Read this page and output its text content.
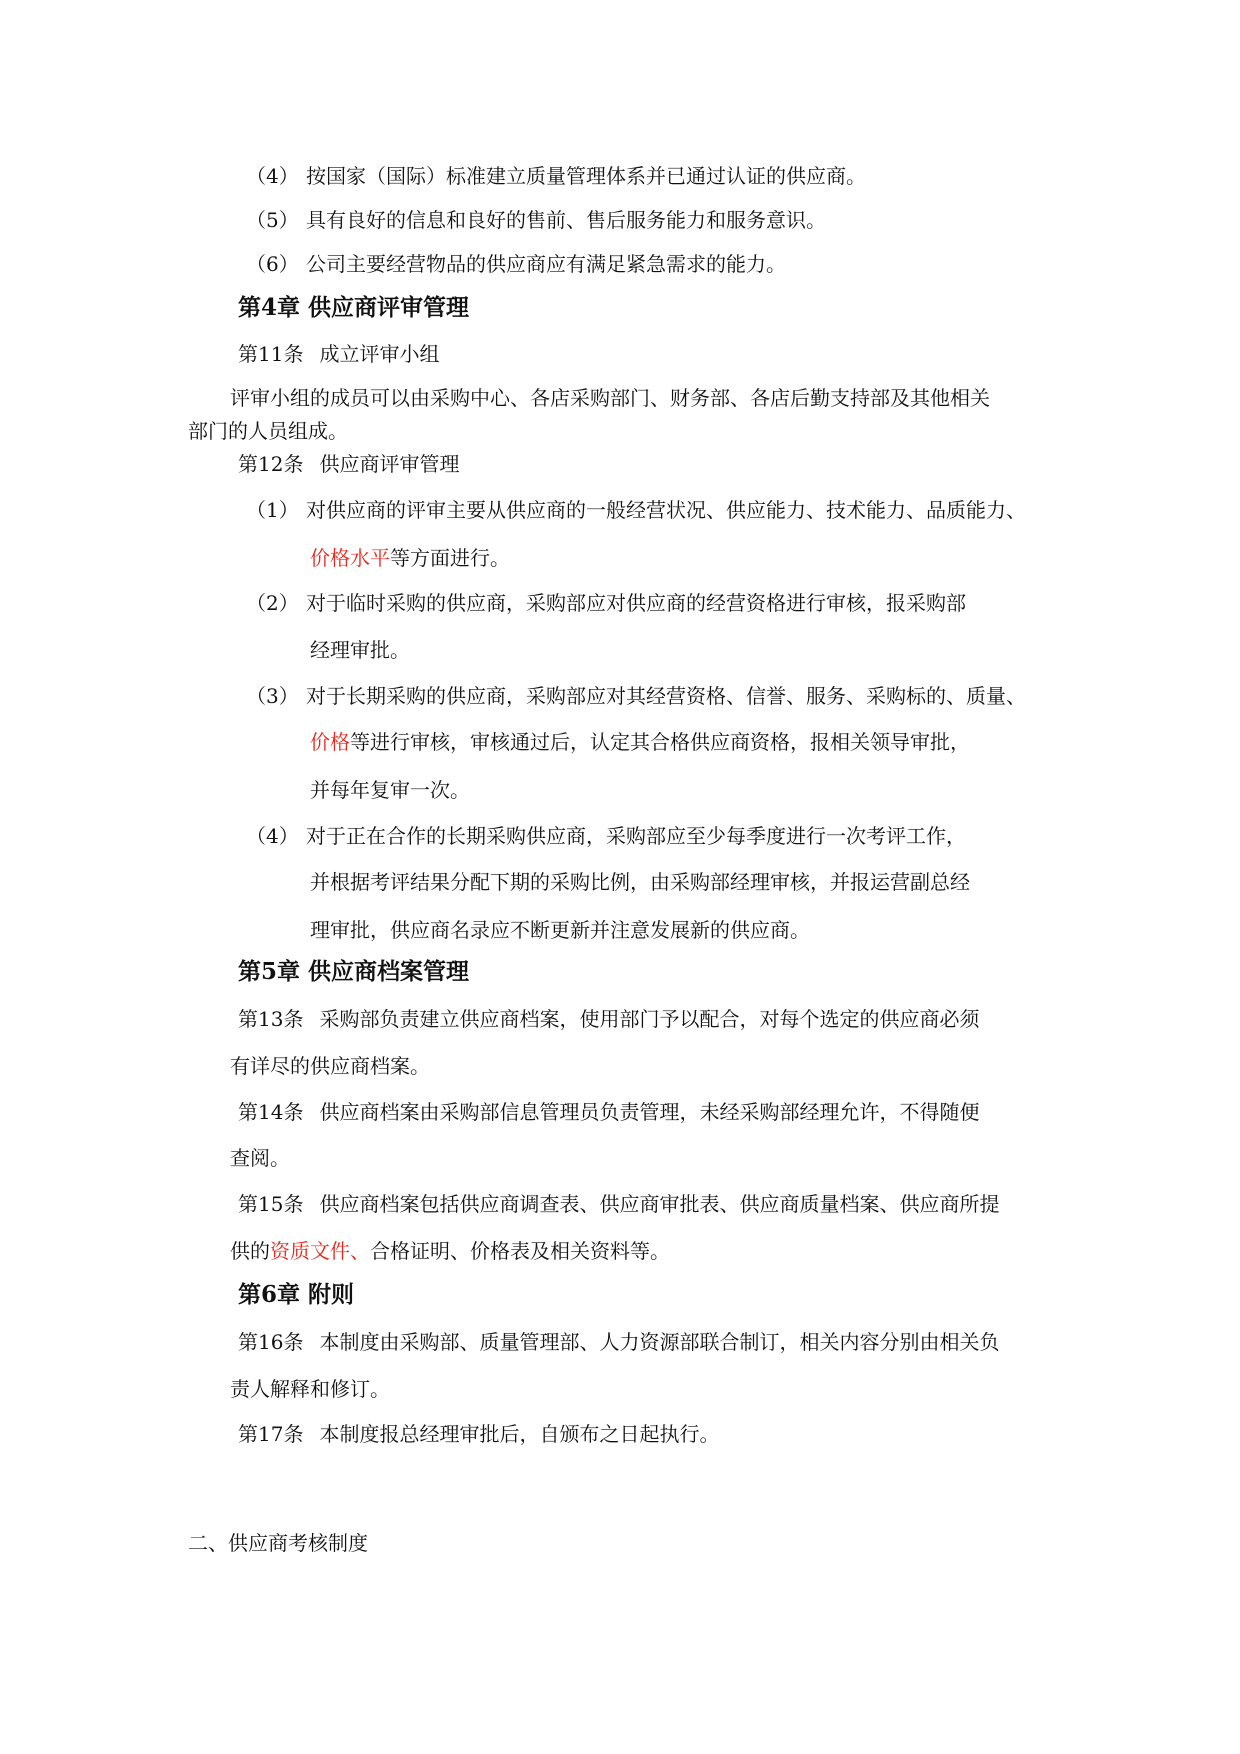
（4） 按国家（国际）标准建立质量管理体系并已通过认证的供应商。
（5） 具有良好的信息和良好的售前、售后服务能力和服务意识。
（6） 公司主要经营物品的供应商应有满足紧急需求的能力。
第4章 供应商评审管理
第11条 成立评审小组
评审小组的成员可以由采购中心、各店采购部门、财务部、各店后勤支持部及其他相关
部门的人员组成。
第12条 供应商评审管理
（1） 对供应商的评审主要从供应商的一般经营状况、供应能力、技术能力、品质能力、
价格水平等方面进行。
（2） 对于临时采购的供应商，采购部应对供应商的经营资格进行审核，报采购部
经理审批。
（3） 对于长期采购的供应商，采购部应对其经营资格、信誉、服务、采购标的、质量、
价格等进行审核，审核通过后，认定其合格供应商资格，报相关领导审批，
并每年复审一次。
（4） 对于正在合作的长期采购供应商，采购部应至少每季度进行一次考评工作，
并根据考评结果分配下期的采购比例，由采购部经理审核，并报运营副总经
理审批，供应商名录应不断更新并注意发展新的供应商。
第5章 供应商档案管理
第13条 采购部负责建立供应商档案，使用部门予以配合，对每个选定的供应商必须
有详尽的供应商档案。
第14条 供应商档案由采购部信息管理员负责管理，未经采购部经理允许，不得随便
查阅。
第15条 供应商档案包括供应商调查表、供应商审批表、供应商质量档案、供应商所提
供的资质文件、合格证明、价格表及相关资料等。
第6章 附则
第16条 本制度由采购部、质量管理部、人力资源部联合制订，相关内容分别由相关负
责人解释和修订。
第17条 本制度报总经理审批后，自颁布之日起执行。
二、供应商考核制度
